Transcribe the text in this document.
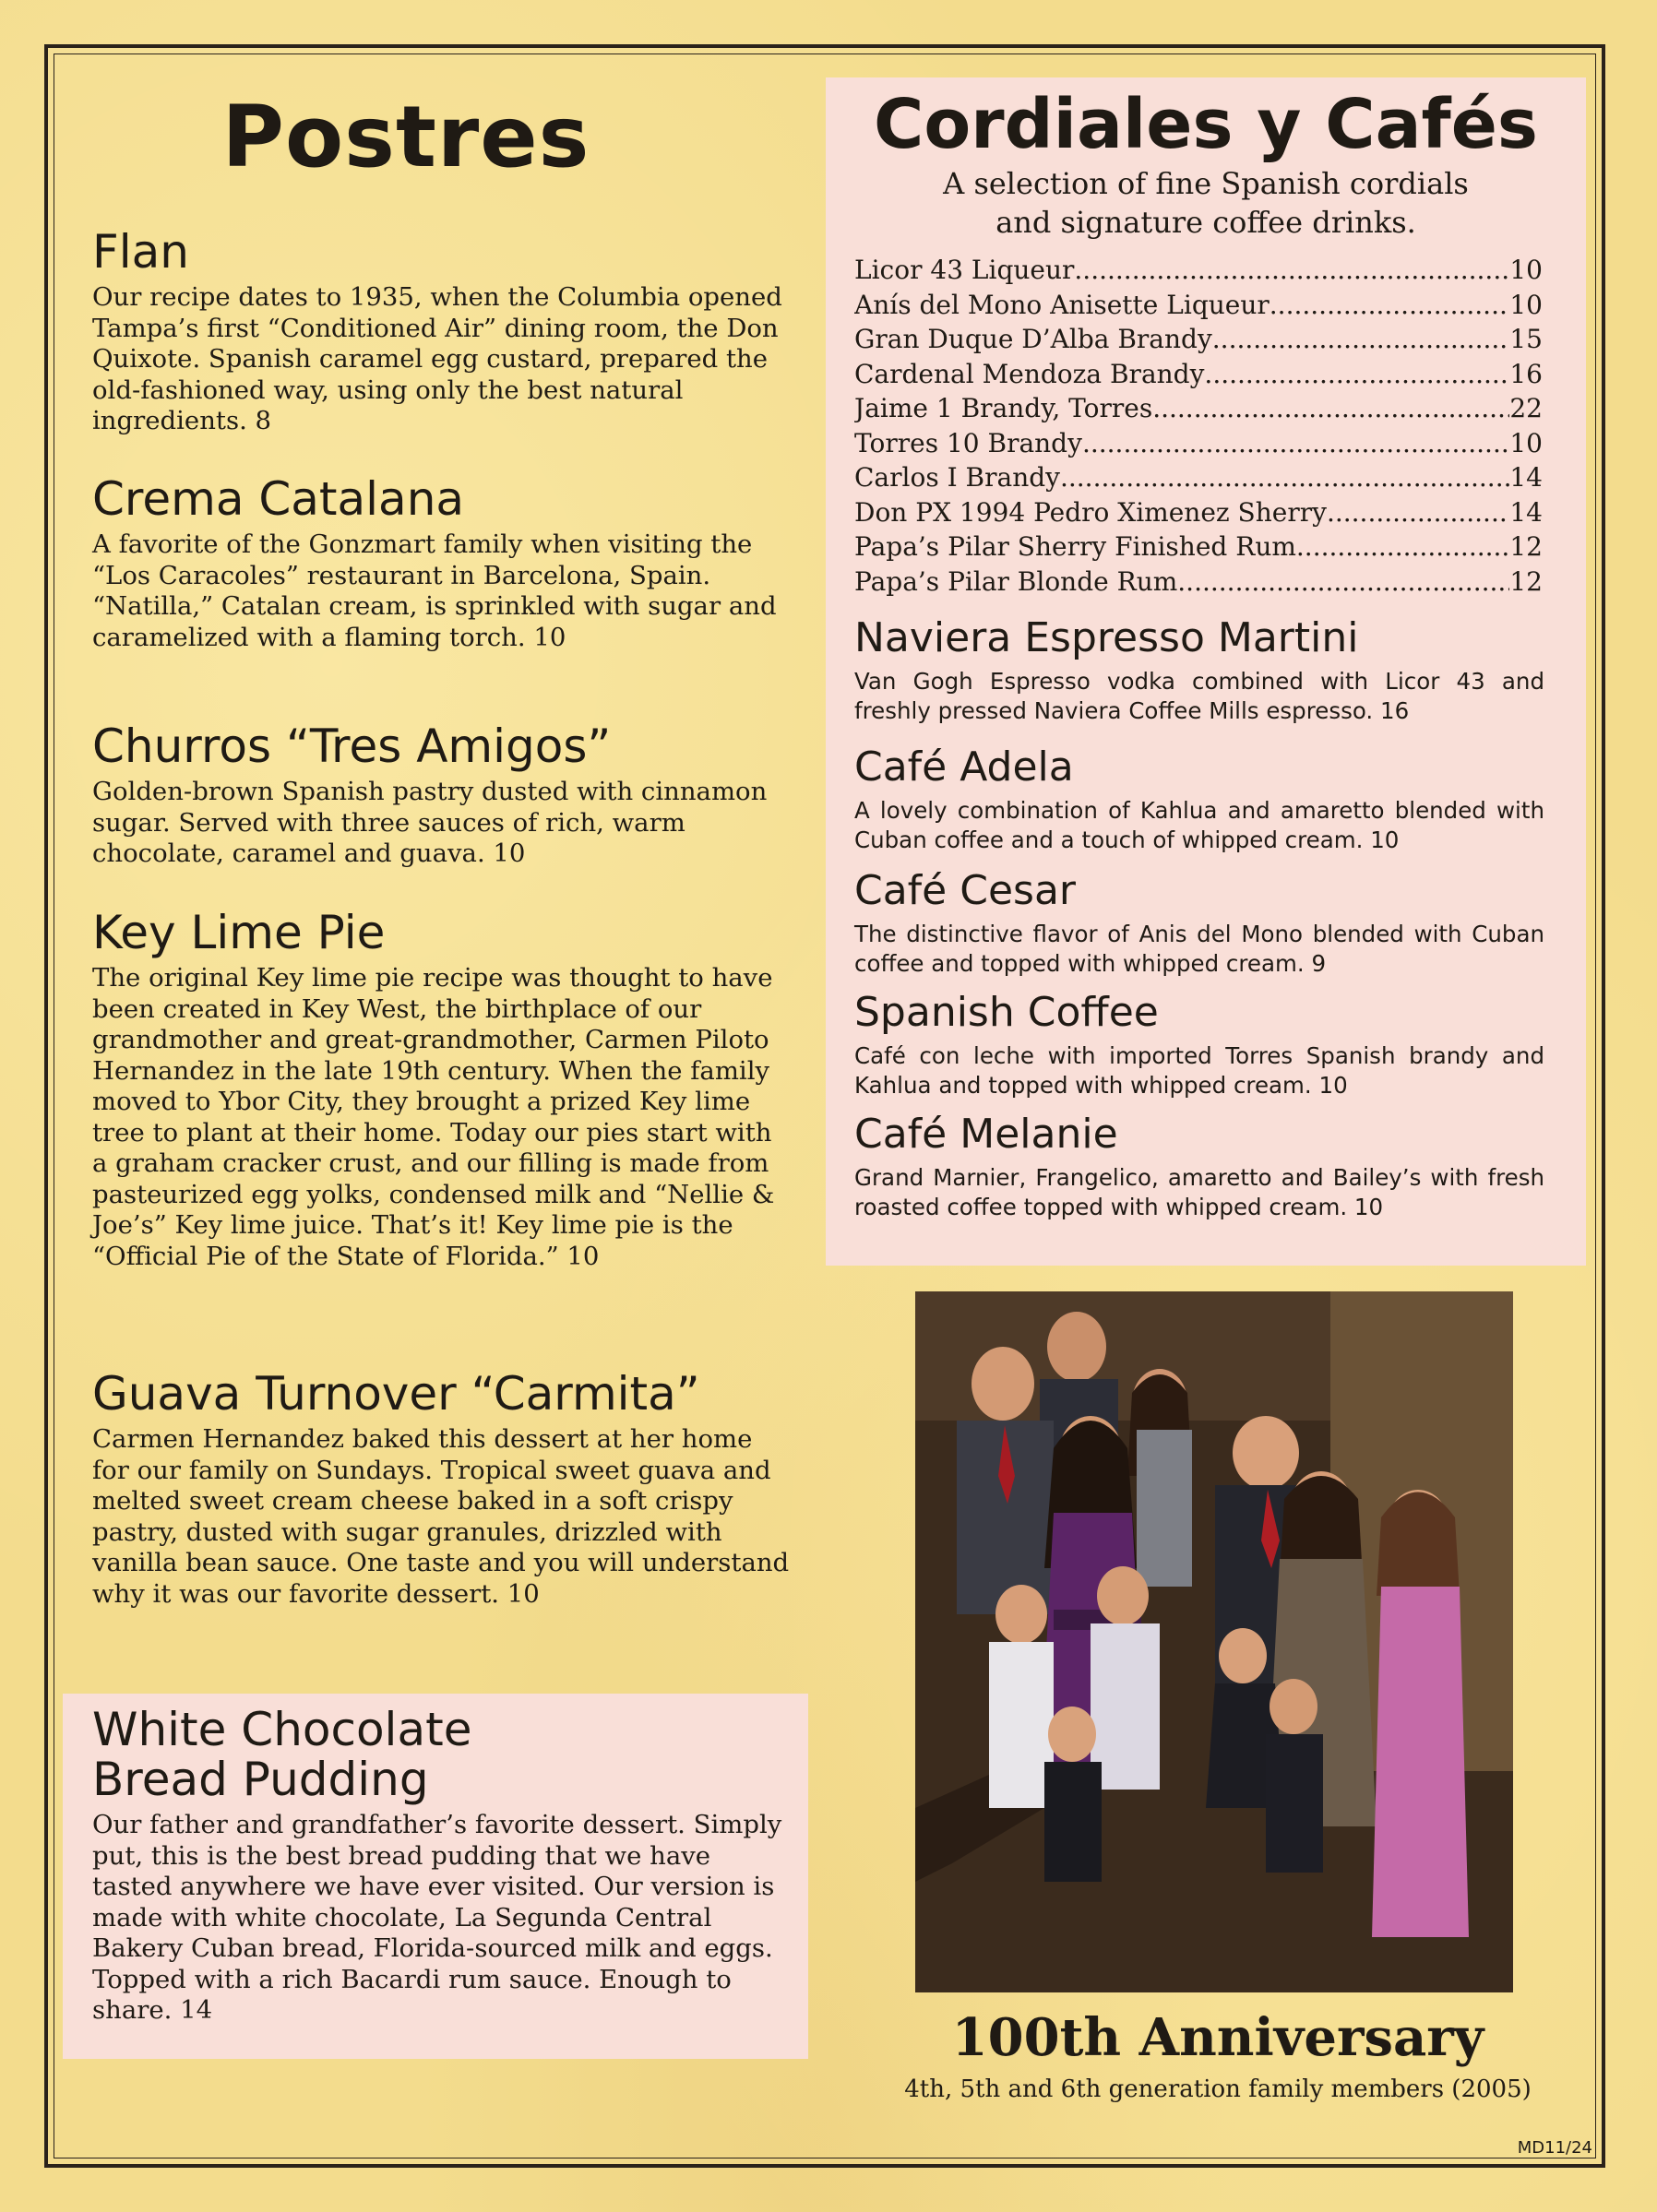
Postres
Flan

Our recipe dates to 1935, when the Columbia opened Tampa’s first “Conditioned Air” dining room, the Don Quixote. Spanish caramel egg custard, prepared the old-fashioned way, using only the best natural ingredients. 8

Crema Catalana

A favorite of the Gonzmart family when visiting the “Los Caracoles” restaurant in Barcelona, Spain. “Natilla,” Catalan cream, is sprinkled with sugar and caramelized with a flaming torch. 10

Churros “Tres Amigos”

Golden-brown Spanish pastry dusted with cinnamon sugar. Served with three sauces of rich, warm chocolate, caramel and guava. 10

Key Lime Pie

The original Key lime pie recipe was thought to have been created in Key West, the birthplace of our grandmother and great-grandmother, Carmen Piloto Hernandez in the late 19th century. When the family moved to Ybor City, they brought a prized Key lime tree to plant at their home. Today our pies start with a graham cracker crust, and our filling is made from pasteurized egg yolks, condensed milk and “Nellie & Joe’s” Key lime juice. That’s it! Key lime pie is the “Official Pie of the State of Florida.” 10

Guava Turnover “Carmita”

Carmen Hernandez baked this dessert at her home for our family on Sundays. Tropical sweet guava and melted sweet cream cheese baked in a soft crispy pastry, dusted with sugar granules, drizzled with vanilla bean sauce. One taste and you will understand why it was our favorite dessert. 10

White Chocolate
Bread Pudding

Our father and grandfather’s favorite dessert. Simply put, this is the best bread pudding that we have tasted anywhere we have ever visited. Our version is made with white chocolate, La Segunda Central Bakery Cuban bread, Florida-sourced milk and eggs. Topped with a rich Bacardi rum sauce. Enough to share. 14

Cordiales y Cafés

A selection of fine Spanish cordials
and signature coffee drinks.

Licor 43 Liqueur .....	10
Anís del Mono Anisette Liqueur .....	10
Gran Duque D’Alba Brandy .....	15
Cardenal Mendoza Brandy .....	16
Jaime 1 Brandy, Torres .....	22
Torres 10 Brandy .....	10
Carlos I Brandy .....	14
Don PX 1994 Pedro Ximenez Sherry .....	14
Papa’s Pilar Sherry Finished Rum .....	12
Papa’s Pilar Blonde Rum .....	12
Naviera Espresso Martini

Van Gogh Espresso vodka combined with Licor 43 and freshly pressed Naviera Coffee Mills espresso. 16

Café Adela

A lovely combination of Kahlua and amaretto blended with Cuban coffee and a touch of whipped cream. 10

Café Cesar

The distinctive flavor of Anis del Mono blended with Cuban coffee and topped with whipped cream. 9

Spanish Coffee

Café con leche with imported Torres Spanish brandy and Kahlua and topped with whipped cream. 10

Café Melanie

Grand Marnier, Frangelico, amaretto and Bailey’s with fresh roasted coffee topped with whipped cream. 10

100th Anniversary

4th, 5th and 6th generation family members (2005)

MD11/24
